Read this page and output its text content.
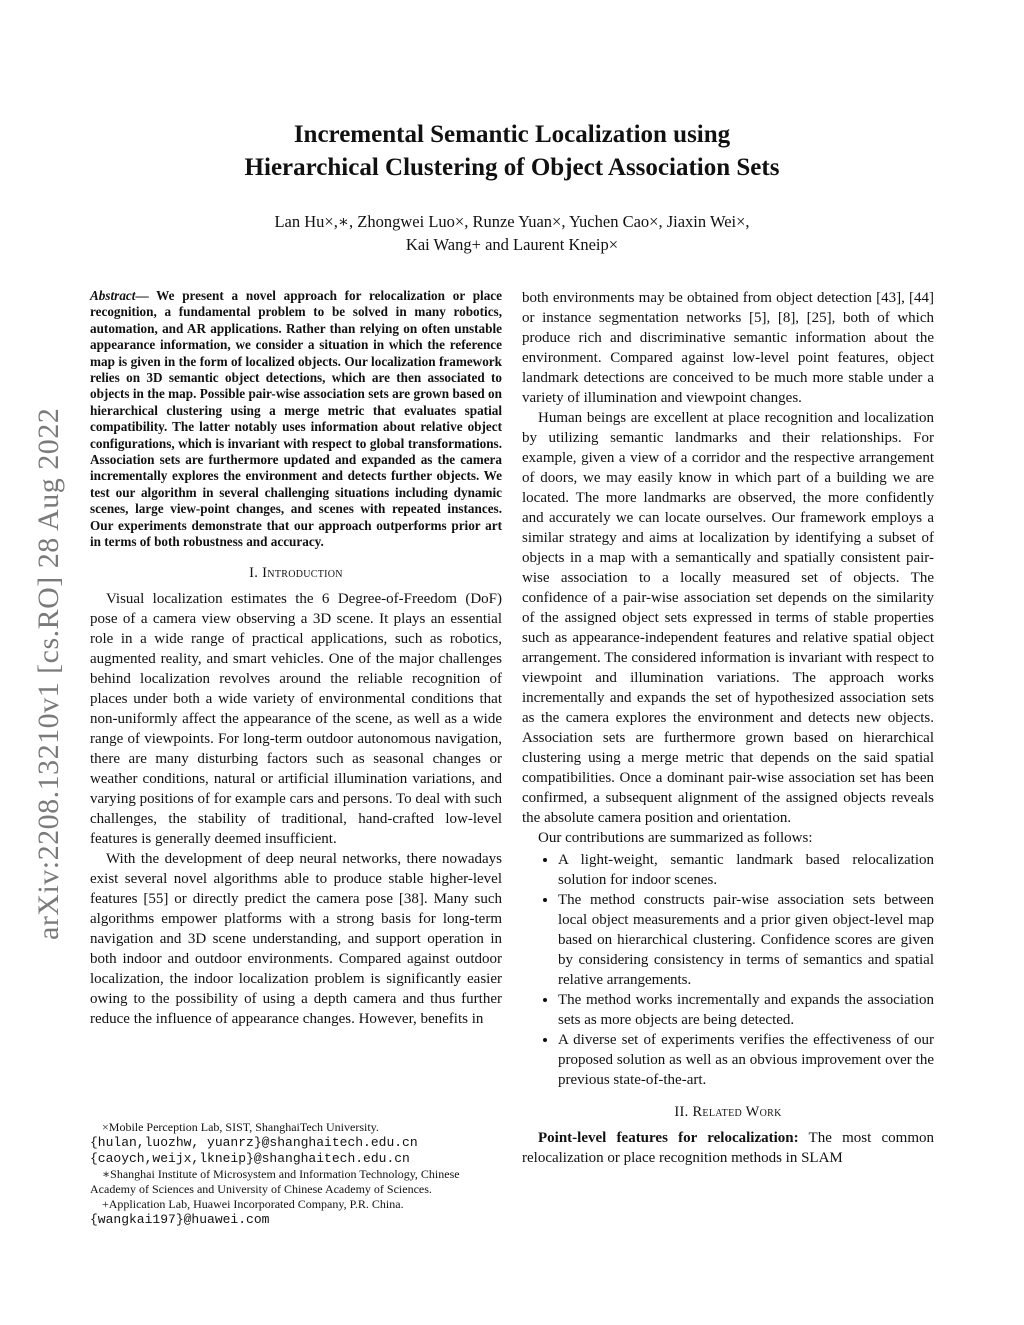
arXiv:2208.13210v1 [cs.RO] 28 Aug 2022
Incremental Semantic Localization using
Hierarchical Clustering of Object Association Sets
Lan Hu×,∗, Zhongwei Luo×, Runze Yuan×, Yuchen Cao×, Jiaxin Wei×,
Kai Wang+ and Laurent Kneip×
Abstract— We present a novel approach for relocalization or place recognition, a fundamental problem to be solved in many robotics, automation, and AR applications. Rather than relying on often unstable appearance information, we consider a situation in which the reference map is given in the form of localized objects. Our localization framework relies on 3D semantic object detections, which are then associated to objects in the map. Possible pair-wise association sets are grown based on hierarchical clustering using a merge metric that evaluates spatial compatibility. The latter notably uses information about relative object configurations, which is invariant with respect to global transformations. Association sets are furthermore updated and expanded as the camera incrementally explores the environment and detects further objects. We test our algorithm in several challenging situations including dynamic scenes, large view-point changes, and scenes with repeated instances. Our experiments demonstrate that our approach outperforms prior art in terms of both robustness and accuracy.
I. Introduction

Visual localization estimates the 6 Degree-of-Freedom (DoF) pose of a camera view observing a 3D scene. It plays an essential role in a wide range of practical applications, such as robotics, augmented reality, and smart vehicles. One of the major challenges behind localization revolves around the reliable recognition of places under both a wide variety of environmental conditions that non-uniformly affect the appearance of the scene, as well as a wide range of viewpoints. For long-term outdoor autonomous navigation, there are many disturbing factors such as seasonal changes or weather conditions, natural or artificial illumination variations, and varying positions of for example cars and persons. To deal with such challenges, the stability of traditional, hand-crafted low-level features is generally deemed insufficient.

With the development of deep neural networks, there nowadays exist several novel algorithms able to produce stable higher-level features [55] or directly predict the camera pose [38]. Many such algorithms empower platforms with a strong basis for long-term navigation and 3D scene understanding, and support operation in both indoor and outdoor environments. Compared against outdoor localization, the indoor localization problem is significantly easier owing to the possibility of using a depth camera and thus further reduce the influence of appearance changes. However, benefits in

×Mobile Perception Lab, SIST, ShanghaiTech University.
{hulan,luozhw, yuanrz}@shanghaitech.edu.cn
{caoych,weijx,lkneip}@shanghaitech.edu.cn
∗Shanghai Institute of Microsystem and Information Technology, Chinese Academy of Sciences and University of Chinese Academy of Sciences.
+Application Lab, Huawei Incorporated Company, P.R. China.
{wangkai197}@huawei.com

both environments may be obtained from object detection [43], [44] or instance segmentation networks [5], [8], [25], both of which produce rich and discriminative semantic information about the environment. Compared against low-level point features, object landmark detections are conceived to be much more stable under a variety of illumination and viewpoint changes.

Human beings are excellent at place recognition and localization by utilizing semantic landmarks and their relationships. For example, given a view of a corridor and the respective arrangement of doors, we may easily know in which part of a building we are located. The more landmarks are observed, the more confidently and accurately we can locate ourselves. Our framework employs a similar strategy and aims at localization by identifying a subset of objects in a map with a semantically and spatially consistent pair-wise association to a locally measured set of objects. The confidence of a pair-wise association set depends on the similarity of the assigned object sets expressed in terms of stable properties such as appearance-independent features and relative spatial object arrangement. The considered information is invariant with respect to viewpoint and illumination variations. The approach works incrementally and expands the set of hypothesized association sets as the camera explores the environment and detects new objects. Association sets are furthermore grown based on hierarchical clustering using a merge metric that depends on the said spatial compatibilities. Once a dominant pair-wise association set has been confirmed, a subsequent alignment of the assigned objects reveals the absolute camera position and orientation.

Our contributions are summarized as follows:

• A light-weight, semantic landmark based relocalization solution for indoor scenes.
• The method constructs pair-wise association sets between local object measurements and a prior given object-level map based on hierarchical clustering. Confidence scores are given by considering consistency in terms of semantics and spatial relative arrangements.
• The method works incrementally and expands the association sets as more objects are being detected.
• A diverse set of experiments verifies the effectiveness of our proposed solution as well as an obvious improvement over the previous state-of-the-art.
II. Related Work

Point-level features for relocalization: The most common relocalization or place recognition methods in SLAM
